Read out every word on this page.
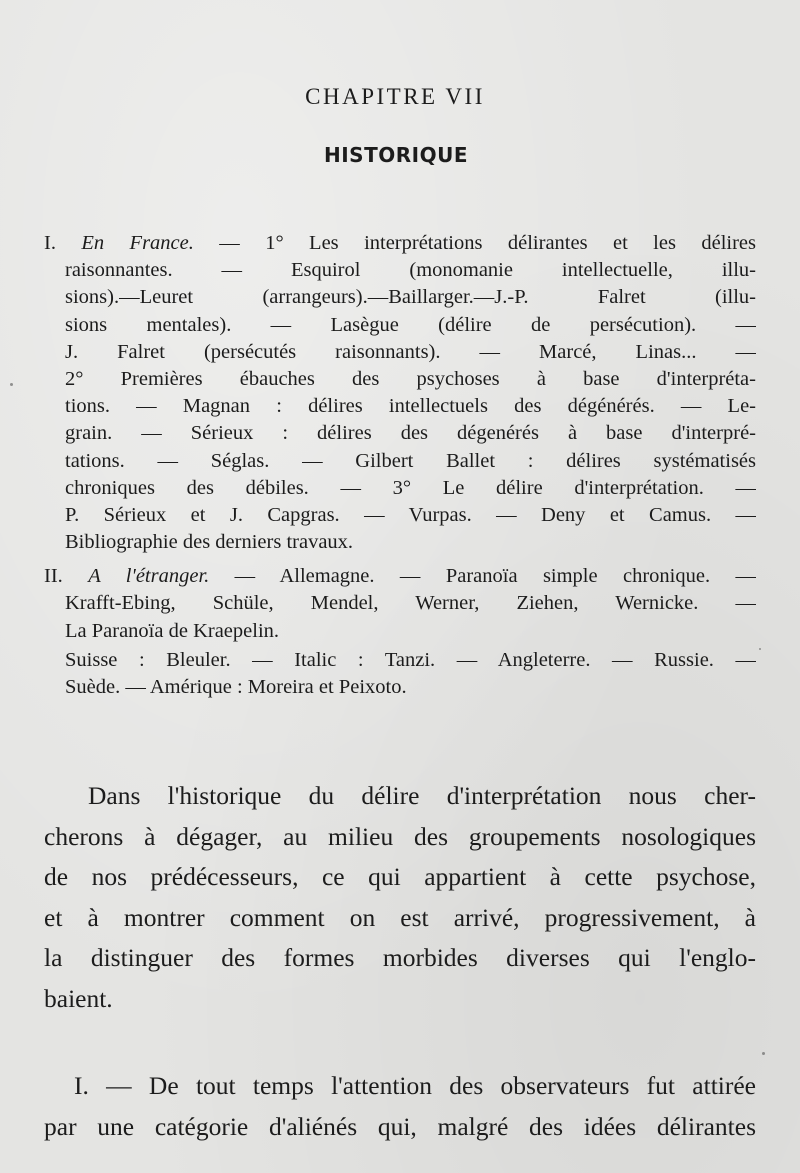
CHAPITRE VII
HISTORIQUE
I. En France. — 1° Les interprétations délirantes et les délires
raisonnantes. — Esquirol (monomanie intellectuelle, illu-
sions).—Leuret (arrangeurs).—Baillarger.—J.-P. Falret (illu-
sions mentales). — Lasègue (délire de persécution). —
J. Falret (persécutés raisonnants). — Marcé, Linas... —
2° Premières ébauches des psychoses à base d'interpréta-
tions. — Magnan : délires intellectuels des dégénérés. — Le-
grain. — Sérieux : délires des dégenérés à base d'interpré-
tations. — Séglas. — Gilbert Ballet : délires systématisés
chroniques des débiles. — 3° Le délire d'interprétation. —
P. Sérieux et J. Capgras. — Vurpas. — Deny et Camus. —
Bibliographie des derniers travaux.
II. A l'étranger. — Allemagne. — Paranoïa simple chronique. —
Krafft-Ebing, Schüle, Mendel, Werner, Ziehen, Wernicke. —
La Paranoïa de Kraepelin.
Suisse : Bleuler. — Italic : Tanzi. — Angleterre. — Russie. —
Suède. — Amérique : Moreira et Peixoto.
Dans l'historique du délire d'interprétation nous cher-
cherons à dégager, au milieu des groupements nosologiques
de nos prédécesseurs, ce qui appartient à cette psychose,
et à montrer comment on est arrivé, progressivement, à
la distinguer des formes morbides diverses qui l'englo-
baient.
I. — De tout temps l'attention des observateurs fut attirée
par une catégorie d'aliénés qui, malgré des idées délirantes
